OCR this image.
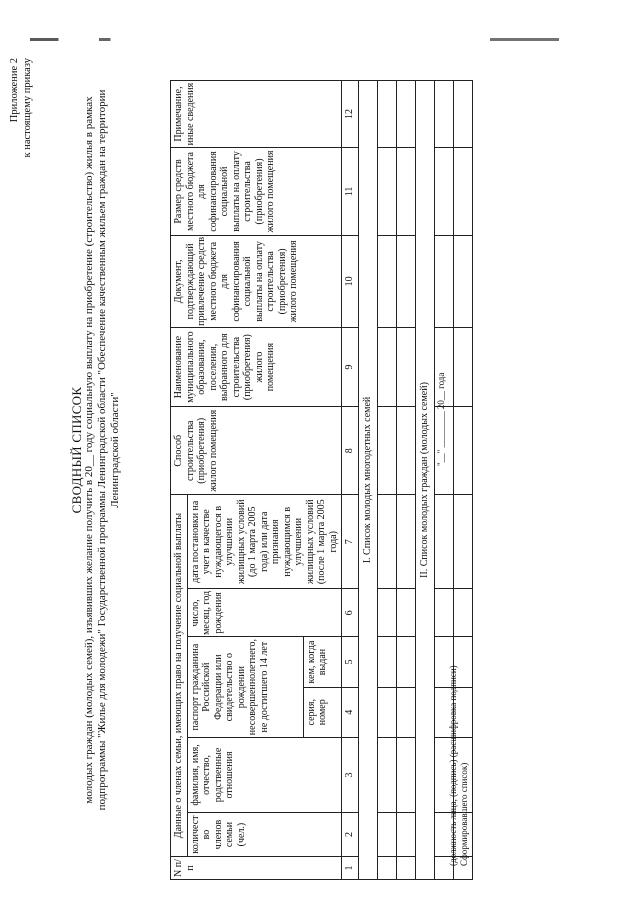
Приложение 2 к настоящему приказу
СВОДНЫЙ СПИСОК молодых граждан (молодых семей), изъявивших желание получить в 20__ году социальную выплату на приобретение (строительство) жилья в рамках подпрограммы "Жилье для молодежи" Государственной программы Ленинградской области "Обеспечение качественным жильем граждан на территории Ленинградской области"
N п/п	Данные о членах семьи, имеющих право на получение социальной выплаты						Способ строительства (приобретения) жилого помещения	Наименование муниципального образования, поселения, выбранного для строительства (приобретения) жилого помещения	Документ, подтверждающий привлечение средств местного бюджета для софинансирования социальной выплаты на оплату строительства (приобретения) жилого помещения	Размер средств местного бюджета для софинансирования социальной выплаты на оплату строительства (приобретения) жилого помещения	Примечание, иные сведения
	количество членов семьи (чел.)	фамилия, имя, отчество, родственные отношения	паспорт гражданина Российской Федерации или свидетельство о рождении несовершеннолетнего, не достигшего 14 лет		число, месяц, год рождения	дата постановки на учет в качестве нуждающегося в улучшении жилищных условий (до 1 марта 2005 года) или дата признания нуждающимся в улучшении жилищных условий (после 1 марта 2005 года)					
			серия, номер	кем, когда выдан							
1	2	3	4	5	6	7	8	9	10	11	12
I. Список молодых многодетных семей											

II. Список молодых граждан (молодых семей)											

											"__" ________ 20__ года
(должность лица, (подпись) (расшифровка подписи) Сформировавшего список)
